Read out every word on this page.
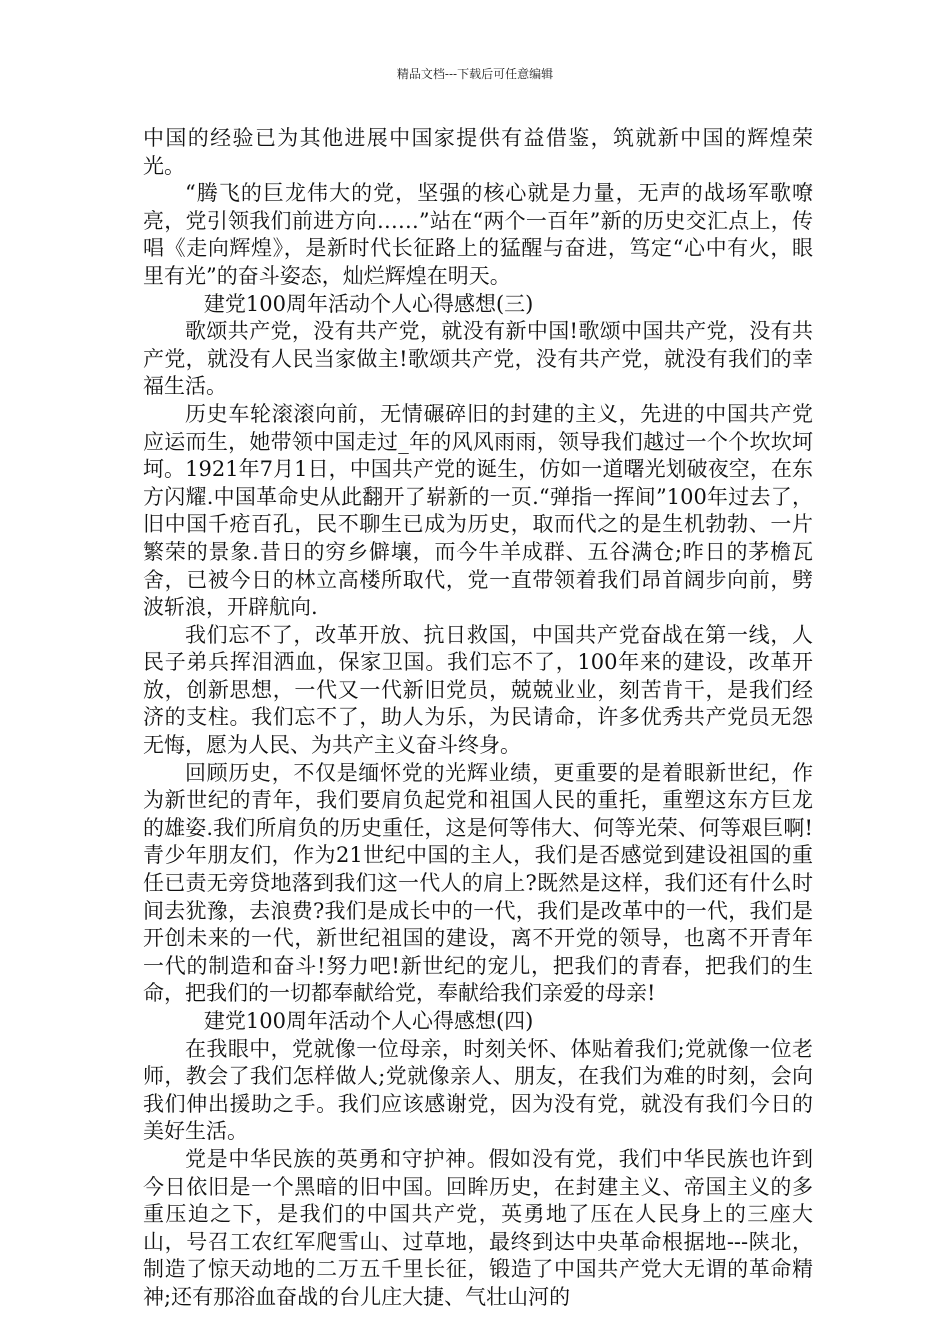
精品文档---下载后可任意编辑

中国的经验已为其他进展中国家提供有益借鉴，筑就新中国的辉煌荣光。

“腾飞的巨龙伟大的党，坚强的核心就是力量，无声的战场军歌嘹亮，党引领我们前进方向……”站在“两个一百年”新的历史交汇点上，传唱《走向辉煌》，是新时代长征路上的猛醒与奋进，笃定“心中有火，眼里有光”的奋斗姿态，灿烂辉煌在明天。

建党100周年活动个人心得感想(三)

歌颂共产党，没有共产党，就没有新中国!歌颂中国共产党，没有共产党，就没有人民当家做主!歌颂共产党，没有共产党，就没有我们的幸福生活。

历史车轮滚滚向前，无情碾碎旧的封建的主义，先进的中国共产党应运而生，她带领中国走过_年的风风雨雨，领导我们越过一个个坎坎坷坷。1921年7月1日，中国共产党的诞生，仿如一道曙光划破夜空，在东方闪耀.中国革命史从此翻开了崭新的一页.“弹指一挥间”100年过去了，旧中国千疮百孔，民不聊生已成为历史，取而代之的是生机勃勃、一片繁荣的景象.昔日的穷乡僻壤，而今牛羊成群、五谷满仓;昨日的茅檐瓦舍，已被今日的林立高楼所取代，党一直带领着我们昂首阔步向前，劈波斩浪，开辟航向.

我们忘不了，改革开放、抗日救国，中国共产党奋战在第一线，人民子弟兵挥泪洒血，保家卫国。我们忘不了，100年来的建设，改革开放，创新思想，一代又一代新旧党员，兢兢业业，刻苦肯干，是我们经济的支柱。我们忘不了，助人为乐，为民请命，许多优秀共产党员无怨无悔，愿为人民、为共产主义奋斗终身。

回顾历史，不仅是缅怀党的光辉业绩，更重要的是着眼新世纪，作为新世纪的青年，我们要肩负起党和祖国人民的重托，重塑这东方巨龙的雄姿.我们所肩负的历史重任，这是何等伟大、何等光荣、何等艰巨啊!青少年朋友们，作为21世纪中国的主人，我们是否感觉到建设祖国的重任已责无旁贷地落到我们这一代人的肩上?既然是这样，我们还有什么时间去犹豫，去浪费?我们是成长中的一代，我们是改革中的一代，我们是开创未来的一代，新世纪祖国的建设，离不开党的领导，也离不开青年一代的制造和奋斗!努力吧!新世纪的宠儿，把我们的青春，把我们的生命，把我们的一切都奉献给党，奉献给我们亲爱的母亲!

建党100周年活动个人心得感想(四)

在我眼中，党就像一位母亲，时刻关怀、体贴着我们;党就像一位老师，教会了我们怎样做人;党就像亲人、朋友，在我们为难的时刻，会向我们伸出援助之手。我们应该感谢党，因为没有党，就没有我们今日的美好生活。

党是中华民族的英勇和守护神。假如没有党，我们中华民族也许到今日依旧是一个黑暗的旧中国。回眸历史，在封建主义、帝国主义的多重压迫之下，是我们的中国共产党，英勇地了压在人民身上的三座大山，号召工农红军爬雪山、过草地，最终到达中央革命根据地---陕北，制造了惊天动地的二万五千里长征，锻造了中国共产党大无谓的革命精神;还有那浴血奋战的台儿庄大捷、气壮山河的
